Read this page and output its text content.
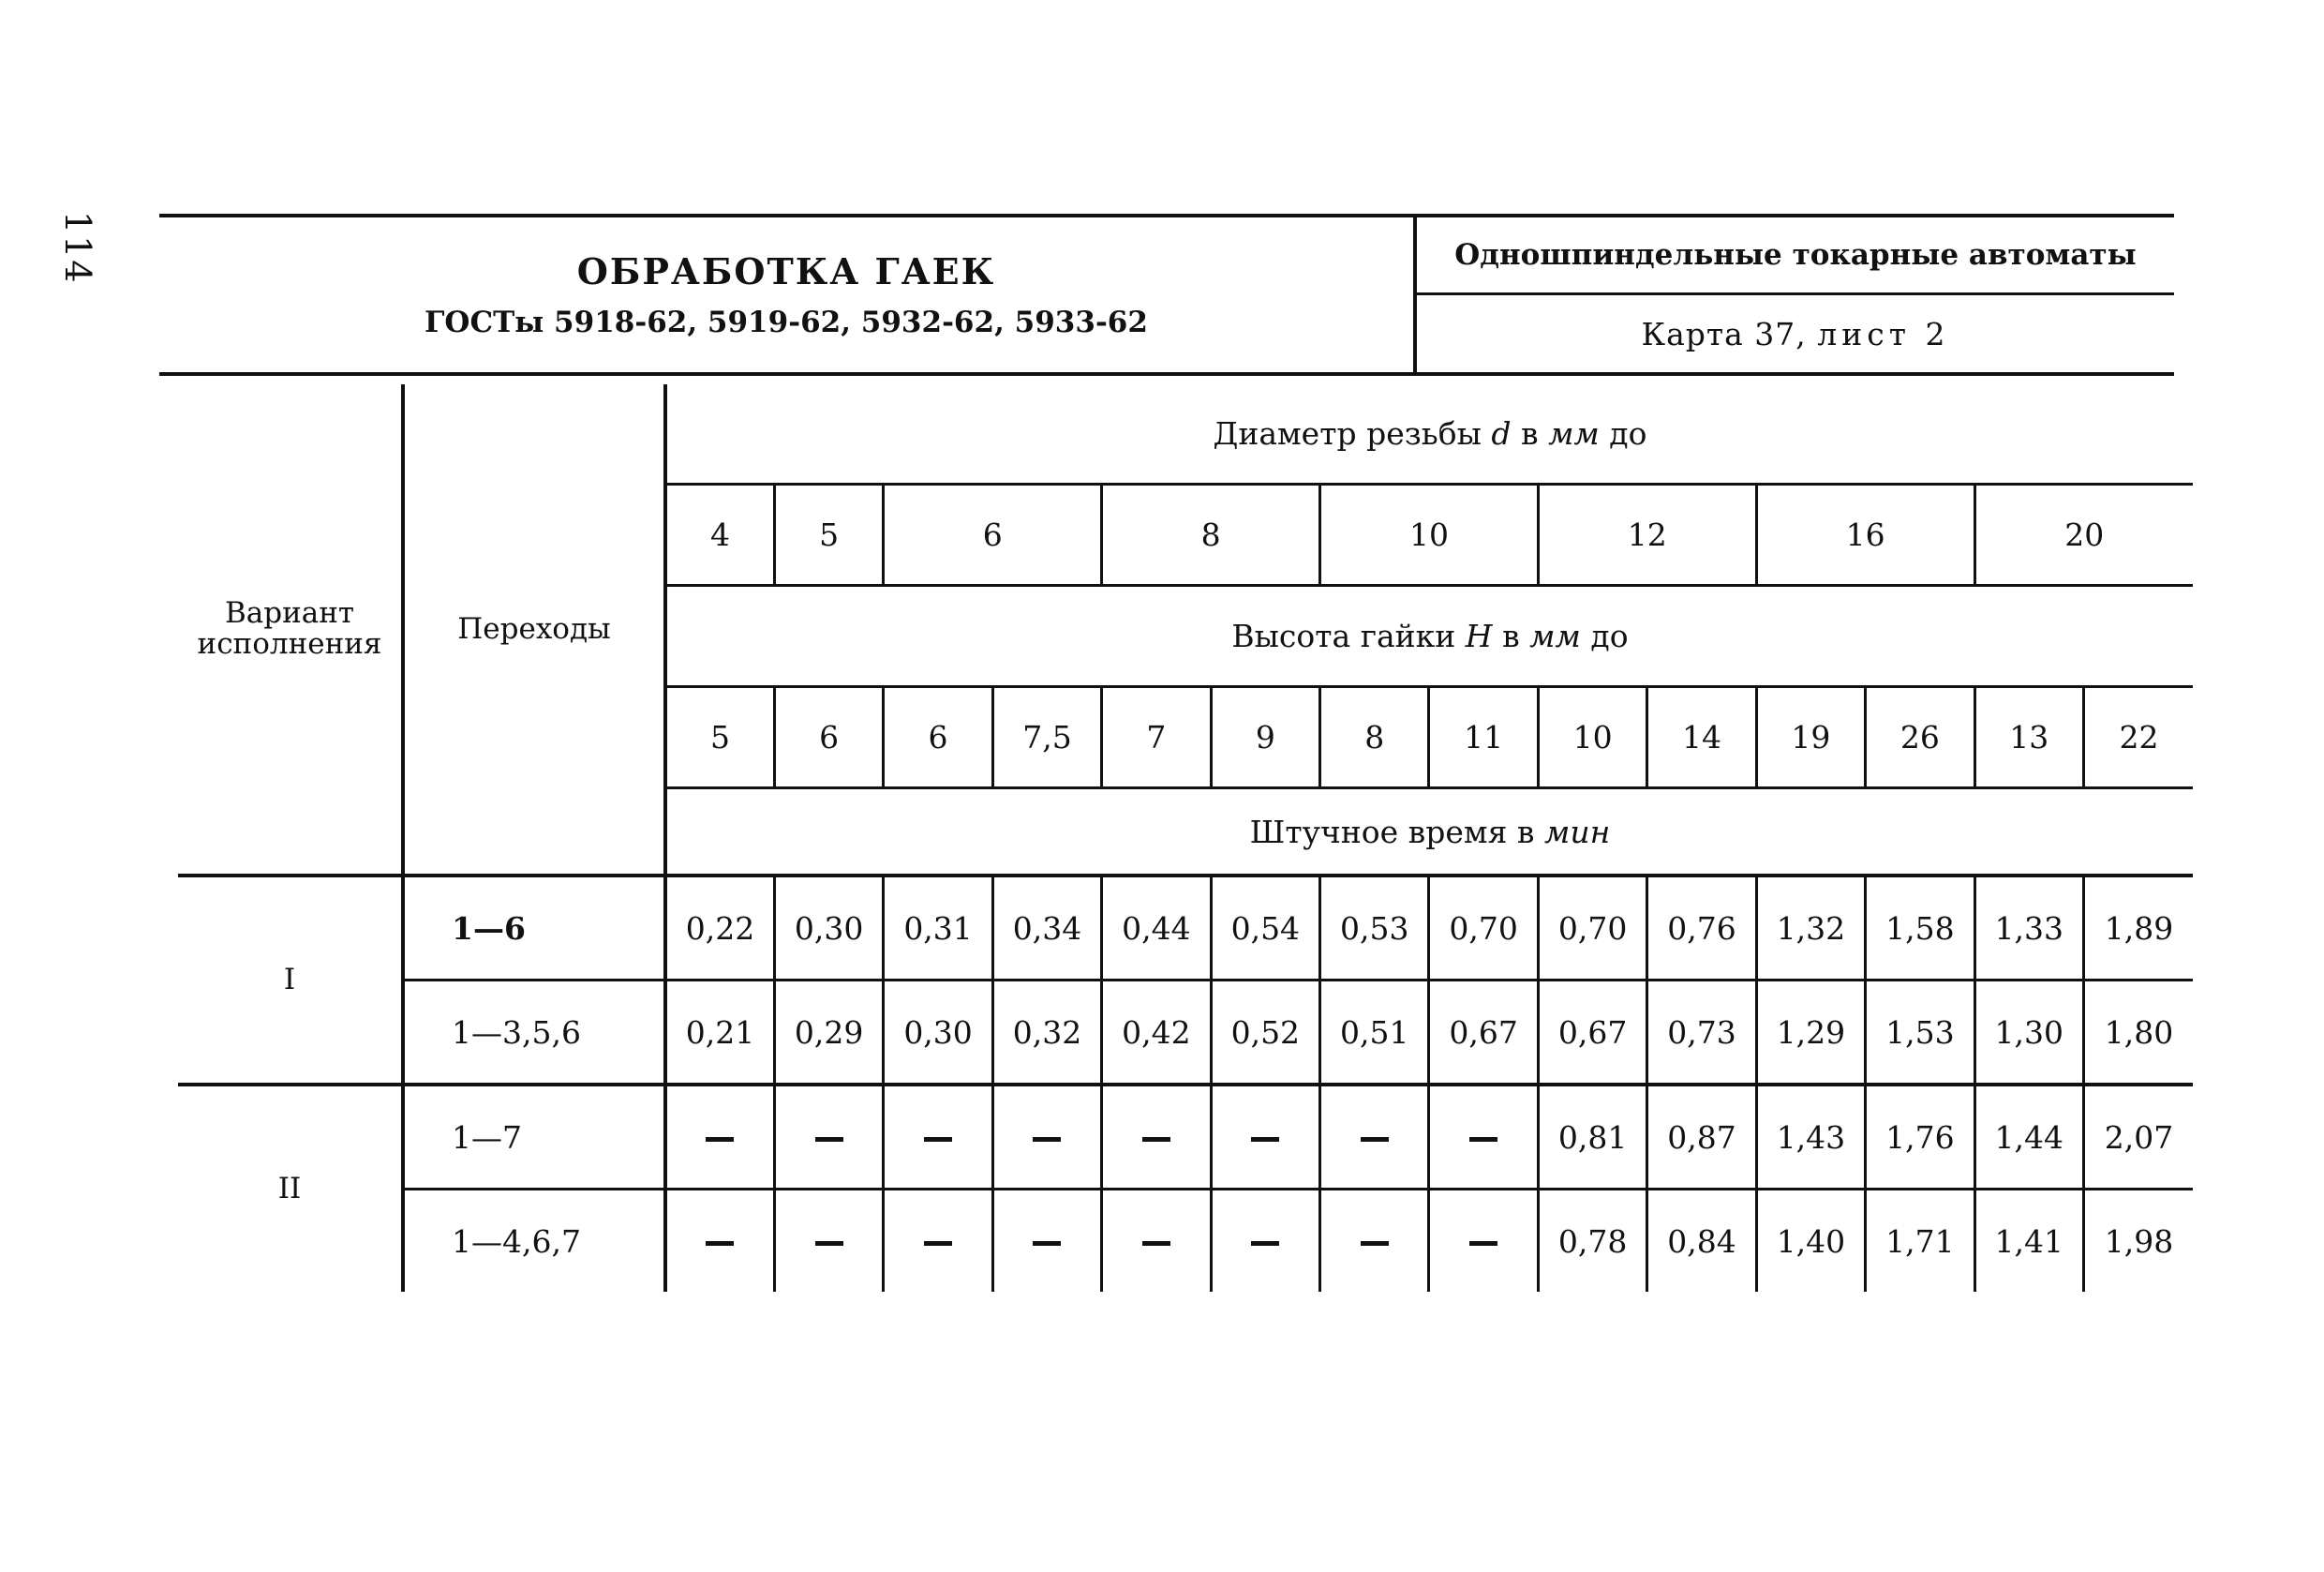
114	ОБРАБОТКА ГАЕК
ГОСТы 5918-62, 5919-62, 5932-62, 5933-62
	Одношпиндельные токарные автоматы
Карта 37, лист 2
Вариант исполнения	Переходы	Диаметр резьбы d в мм до													
		4	5	6		8		10		12		16		20	
		Высота гайки H в мм до													
		5	6	6	7,5	7	9	8	11	10	14	19	26	13	22
		Штучное время в мин													
I	1—6	0,22	0,30	0,31	0,34	0,44	0,54	0,53	0,70	0,70	0,76	1,32	1,58	1,33	1,89
	1—3,5,6	0,21	0,29	0,30	0,32	0,42	0,52	0,51	0,67	0,67	0,73	1,29	1,53	1,30	1,80
II	1—7									0,81	0,87	1,43	1,76	1,44	2,07
	1—4,6,7									0,78	0,84	1,40	1,71	1,41	1,98
